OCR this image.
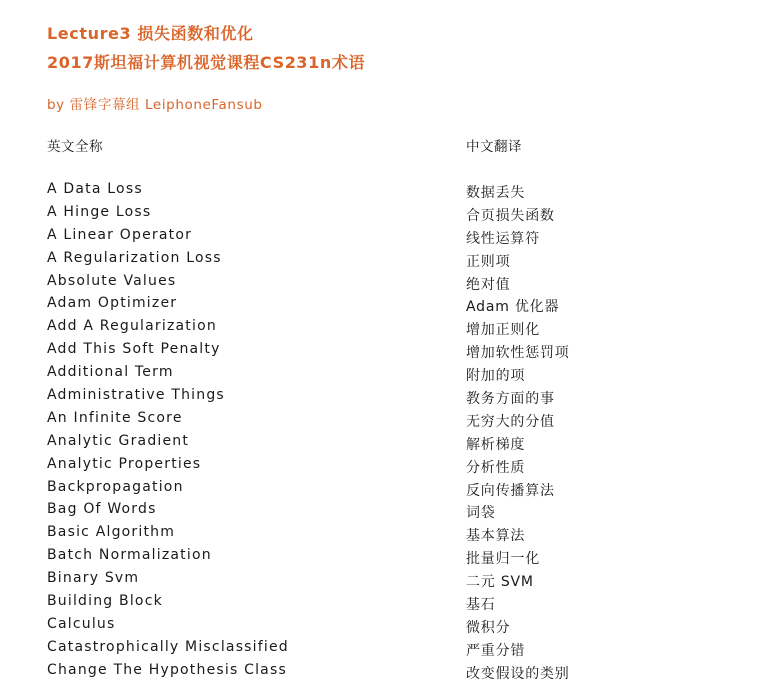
Lecture3 损失函数和优化
2017斯坦福计算机视觉课程CS231n术语
by 雷锋字幕组 LeiphoneFansub
英文全称	中文翻译
A Data Loss	数据丢失
A Hinge Loss	合页损失函数
A Linear Operator	线性运算符
A Regularization Loss	正则项
Absolute Values	绝对值
Adam Optimizer	Adam 优化器
Add A Regularization	增加正则化
Add This Soft Penalty	增加软性惩罚项
Additional Term	附加的项
Administrative Things	教务方面的事
An Infinite Score	无穷大的分值
Analytic Gradient	解析梯度
Analytic Properties	分析性质
Backpropagation	反向传播算法
Bag Of Words	词袋
Basic Algorithm	基本算法
Batch Normalization	批量归一化
Binary Svm	二元 SVM
Building Block	基石
Calculus	微积分
Catastrophically Misclassified	严重分错
Change The Hypothesis Class	改变假设的类别
